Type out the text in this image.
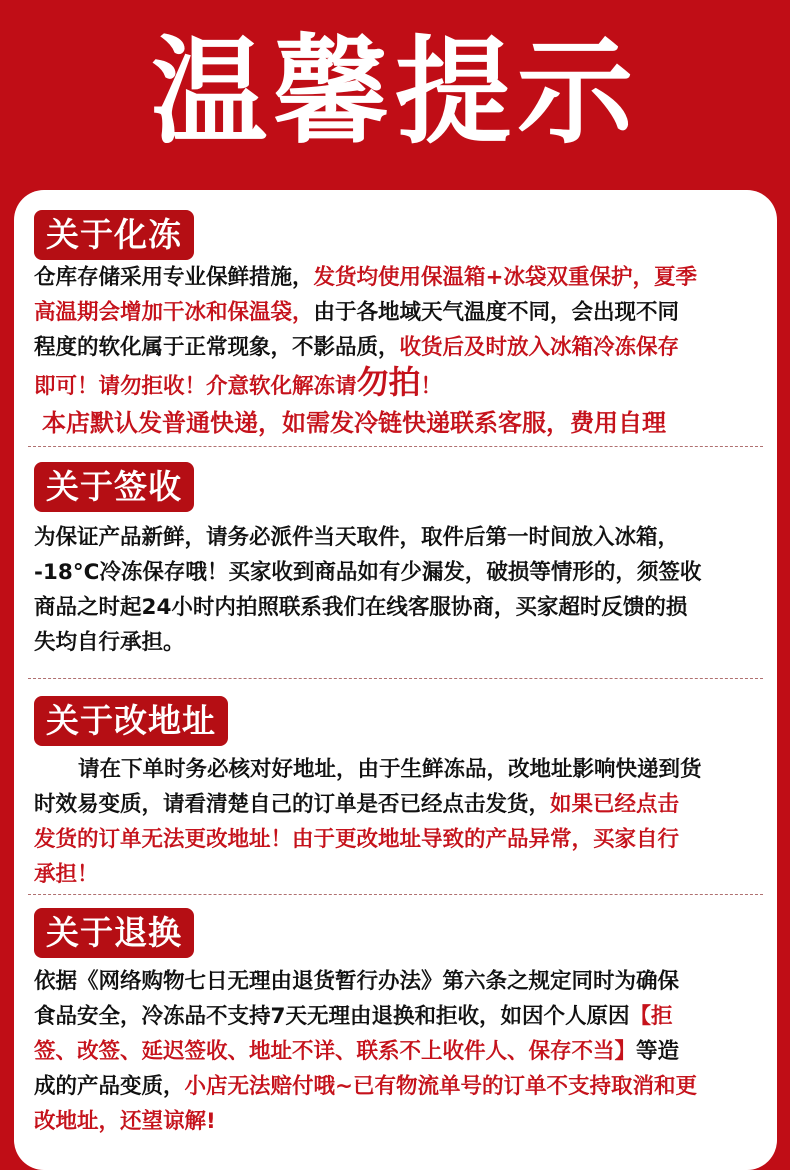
温馨提示
关于化冻

仓库存储采用专业保鲜措施，发货均使用保温箱+冰袋双重保护，夏季

高温期会增加干冰和保温袋，由于各地域天气温度不同，会出现不同

程度的软化属于正常现象，不影品质，收货后及时放入冰箱冷冻保存

即可！请勿拒收！介意软化解冻请勿拍！

本店默认发普通快递，如需发冷链快递联系客服，费用自理

关于签收

为保证产品新鲜，请务必派件当天取件，取件后第一时间放入冰箱，

-18°C冷冻保存哦！买家收到商品如有少漏发，破损等情形的，须签收

商品之时起24小时内拍照联系我们在线客服协商，买家超时反馈的损

失均自行承担。

关于改地址

请在下单时务必核对好地址，由于生鲜冻品，改地址影响快递到货

时效易变质，请看清楚自己的订单是否已经点击发货，如果已经点击

发货的订单无法更改地址！由于更改地址导致的产品异常，买家自行

承担！

关于退换

依据《网络购物七日无理由退货暂行办法》第六条之规定同时为确保

食品安全，冷冻品不支持7天无理由退换和拒收，如因个人原因【拒

签、改签、延迟签收、地址不详、联系不上收件人、保存不当】等造

成的产品变质，小店无法赔付哦~已有物流单号的订单不支持取消和更

改地址，还望谅解!
